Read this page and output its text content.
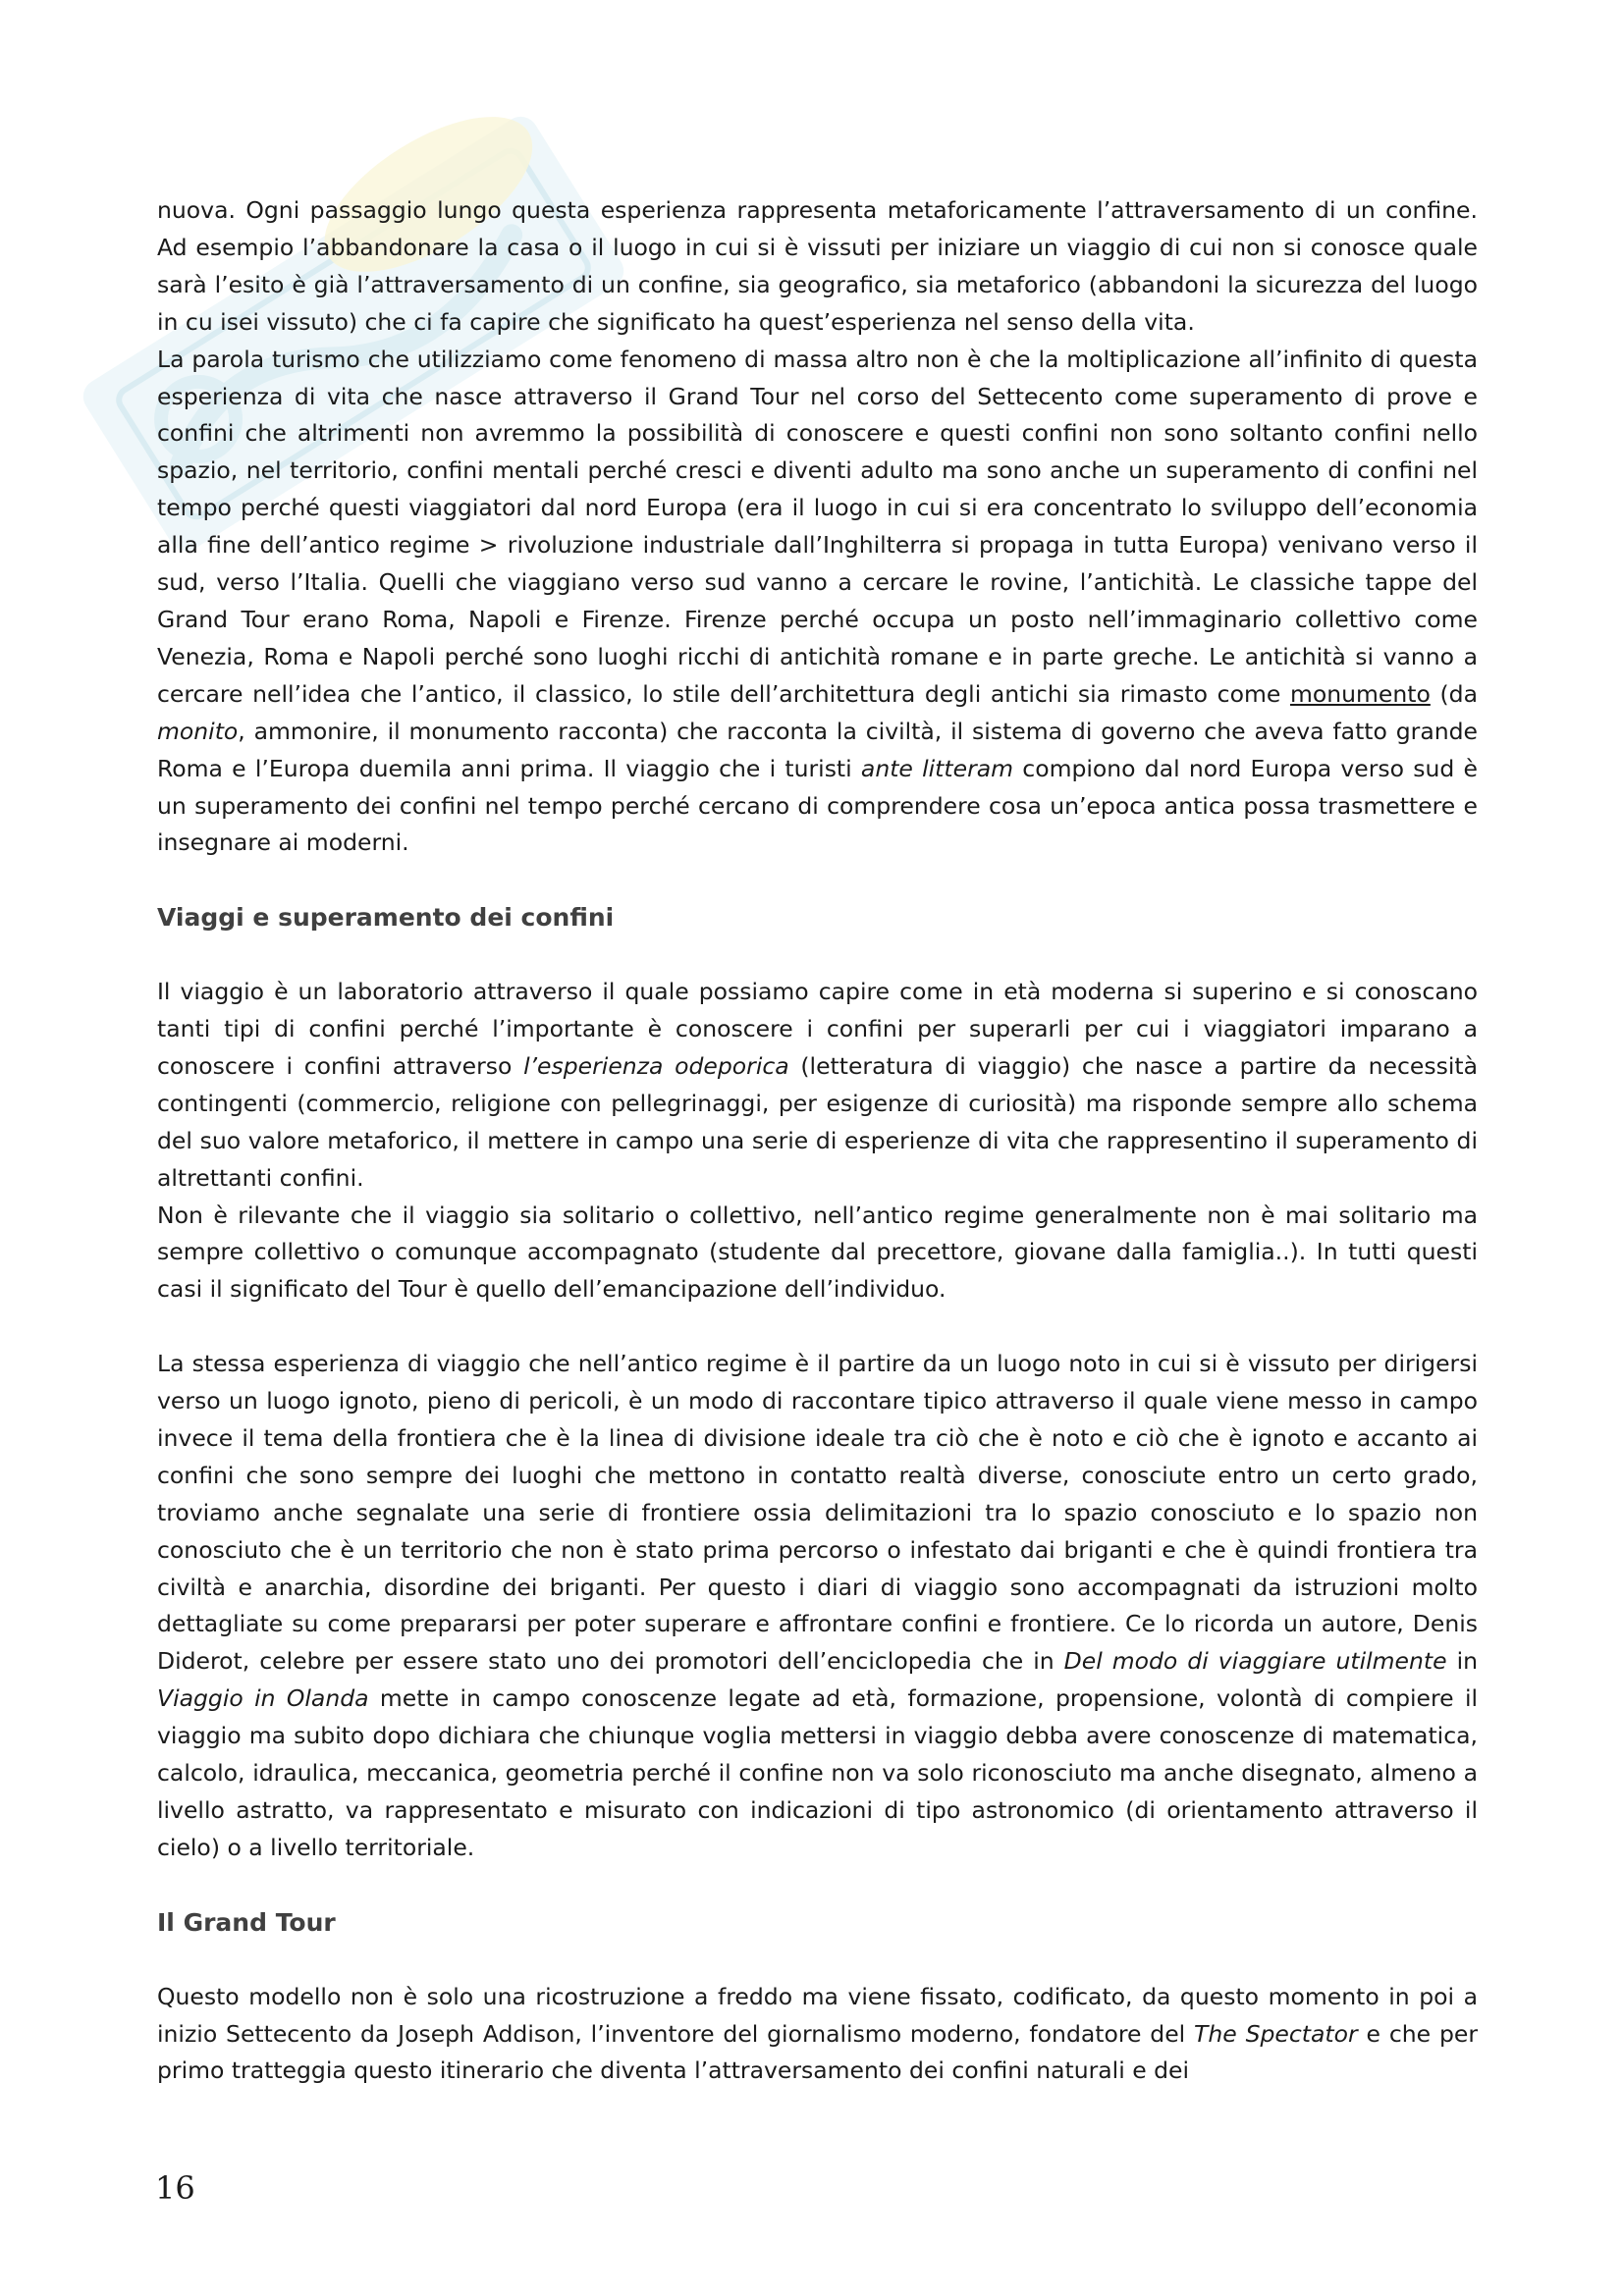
nuova. Ogni passaggio lungo questa esperienza rappresenta metaforicamente l’attraversamento di un confine. Ad esempio l’abbandonare la casa o il luogo in cui si è vissuti per iniziare un viaggio di cui non si conosce quale sarà l’esito è già l’attraversamento di un confine, sia geografico, sia metaforico (abbandoni la sicurezza del luogo in cu isei vissuto) che ci fa capire che significato ha quest’esperienza nel senso della vita.

La parola turismo che utilizziamo come fenomeno di massa altro non è che la moltiplicazione all’infinito di questa esperienza di vita che nasce attraverso il Grand Tour nel corso del Settecento come superamento di prove e confini che altrimenti non avremmo la possibilità di conoscere e questi confini non sono soltanto confini nello spazio, nel territorio, confini mentali perché cresci e diventi adulto ma sono anche un superamento di confini nel tempo perché questi viaggiatori dal nord Europa (era il luogo in cui si era concentrato lo sviluppo dell’economia alla fine dell’antico regime > rivoluzione industriale dall’Inghilterra si propaga in tutta Europa) venivano verso il sud, verso l’Italia. Quelli che viaggiano verso sud vanno a cercare le rovine, l’antichità. Le classiche tappe del Grand Tour erano Roma, Napoli e Firenze. Firenze perché occupa un posto nell’immaginario collettivo come Venezia, Roma e Napoli perché sono luoghi ricchi di antichità romane e in parte greche. Le antichità si vanno a cercare nell’idea che l’antico, il classico, lo stile dell’architettura degli antichi sia rimasto come monumento (da monito, ammonire, il monumento racconta) che racconta la civiltà, il sistema di governo che aveva fatto grande Roma e l’Europa duemila anni prima. Il viaggio che i turisti ante litteram compiono dal nord Europa verso sud è un superamento dei confini nel tempo perché cercano di comprendere cosa un’epoca antica possa trasmettere e insegnare ai moderni.

Viaggi e superamento dei confini

Il viaggio è un laboratorio attraverso il quale possiamo capire come in età moderna si superino e si conoscano tanti tipi di confini perché l’importante è conoscere i confini per superarli per cui i viaggiatori imparano a conoscere i confini attraverso l’esperienza odeporica (letteratura di viaggio) che nasce a partire da necessità contingenti (commercio, religione con pellegrinaggi, per esigenze di curiosità) ma risponde sempre allo schema del suo valore metaforico, il mettere in campo una serie di esperienze di vita che rappresentino il superamento di altrettanti confini.

Non è rilevante che il viaggio sia solitario o collettivo, nell’antico regime generalmente non è mai solitario ma sempre collettivo o comunque accompagnato (studente dal precettore, giovane dalla famiglia..). In tutti questi casi il significato del Tour è quello dell’emancipazione dell’individuo.

La stessa esperienza di viaggio che nell’antico regime è il partire da un luogo noto in cui si è vissuto per dirigersi verso un luogo ignoto, pieno di pericoli, è un modo di raccontare tipico attraverso il quale viene messo in campo invece il tema della frontiera che è la linea di divisione ideale tra ciò che è noto e ciò che è ignoto e accanto ai confini che sono sempre dei luoghi che mettono in contatto realtà diverse, conosciute entro un certo grado, troviamo anche segnalate una serie di frontiere ossia delimitazioni tra lo spazio conosciuto e lo spazio non conosciuto che è un territorio che non è stato prima percorso o infestato dai briganti e che è quindi frontiera tra civiltà e anarchia, disordine dei briganti. Per questo i diari di viaggio sono accompagnati da istruzioni molto dettagliate su come prepararsi per poter superare e affrontare confini e frontiere. Ce lo ricorda un autore, Denis Diderot, celebre per essere stato uno dei promotori dell’enciclopedia che in Del modo di viaggiare utilmente in Viaggio in Olanda mette in campo conoscenze legate ad età, formazione, propensione, volontà di compiere il viaggio ma subito dopo dichiara che chiunque voglia mettersi in viaggio debba avere conoscenze di matematica, calcolo, idraulica, meccanica, geometria perché il confine non va solo riconosciuto ma anche disegnato, almeno a livello astratto, va rappresentato e misurato con indicazioni di tipo astronomico (di orientamento attraverso il cielo) o a livello territoriale.

Il Grand Tour

Questo modello non è solo una ricostruzione a freddo ma viene fissato, codificato, da questo momento in poi a inizio Settecento da Joseph Addison, l’inventore del giornalismo moderno, fondatore del The Spectator e che per primo tratteggia questo itinerario che diventa l’attraversamento dei confini naturali e dei

16
